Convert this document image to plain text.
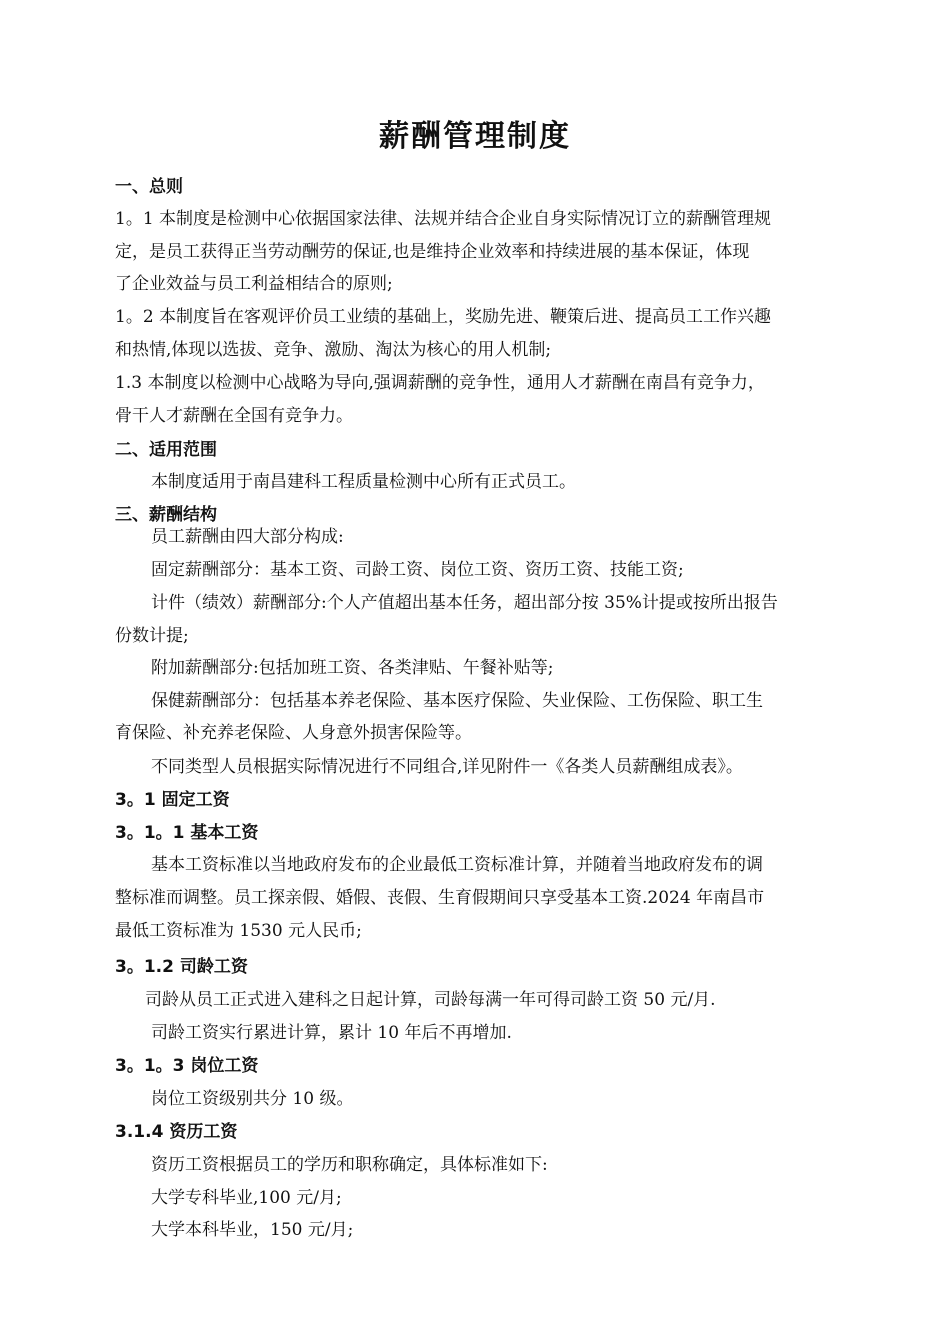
薪酬管理制度
一、总则
1。1 本制度是检测中心依据国家法律、法规并结合企业自身实际情况订立的薪酬管理规
定，是员工获得正当劳动酬劳的保证,也是维持企业效率和持续进展的基本保证，体现
了企业效益与员工利益相结合的原则;
1。2 本制度旨在客观评价员工业绩的基础上，奖励先进、鞭策后进、提高员工工作兴趣
和热情,体现以选拔、竞争、激励、淘汰为核心的用人机制;
1.3 本制度以检测中心战略为导向,强调薪酬的竞争性，通用人才薪酬在南昌有竞争力，
骨干人才薪酬在全国有竞争力。
二、适用范围
本制度适用于南昌建科工程质量检测中心所有正式员工。
三、薪酬结构
员工薪酬由四大部分构成:
固定薪酬部分：基本工资、司龄工资、岗位工资、资历工资、技能工资;
计件（绩效）薪酬部分:个人产值超出基本任务，超出部分按 35%计提或按所出报告
份数计提;
附加薪酬部分:包括加班工资、各类津贴、午餐补贴等;
保健薪酬部分：包括基本养老保险、基本医疗保险、失业保险、工伤保险、职工生
育保险、补充养老保险、人身意外损害保险等。
不同类型人员根据实际情况进行不同组合,详见附件一《各类人员薪酬组成表》。
3。1 固定工资
3。1。1 基本工资
基本工资标准以当地政府发布的企业最低工资标准计算，并随着当地政府发布的调
整标准而调整。员工探亲假、婚假、丧假、生育假期间只享受基本工资.2024 年南昌市
最低工资标准为 1530 元人民币;
3。1.2 司龄工资
司龄从员工正式进入建科之日起计算，司龄每满一年可得司龄工资 50 元/月.
司龄工资实行累进计算，累计 10 年后不再增加.
3。1。3 岗位工资
岗位工资级别共分 10 级。
3.1.4 资历工资
资历工资根据员工的学历和职称确定，具体标准如下:
大学专科毕业,100 元/月;
大学本科毕业，150 元/月;
